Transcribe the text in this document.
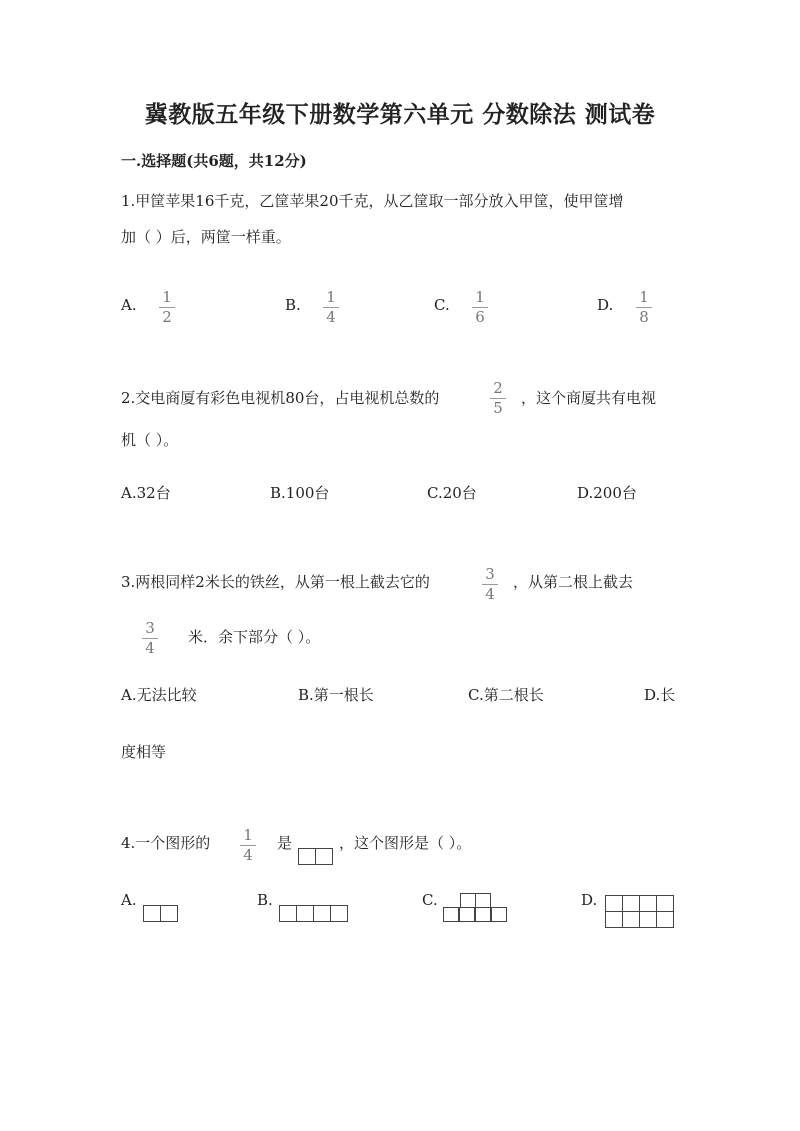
冀教版五年级下册数学第六单元 分数除法 测试卷
一.选择题(共6题，共12分)
1.甲筐苹果16千克，乙筐苹果20千克，从乙筐取一部分放入甲筐，使甲筐增
加（ ）后，两筐一样重。
A.	1
2
B.	1
4
C.	1
6
D.	1
8
2.交电商厦有彩色电视机80台，占电视机总数的
2
5
，这个商厦共有电视
机（ ）。
A.32台	B.100台	C.20台	D.200台
3.两根同样2米长的铁丝，从第一根上截去它的	3
4
，从第二根上截去
3
4
米．余下部分（ ）。
A.无法比较	B.第一根长	C.第二根长	D.长
度相等
4.一个图形的	1
4
是
		，这个图形是（ ）。
A.
		B.
				C.	D.
